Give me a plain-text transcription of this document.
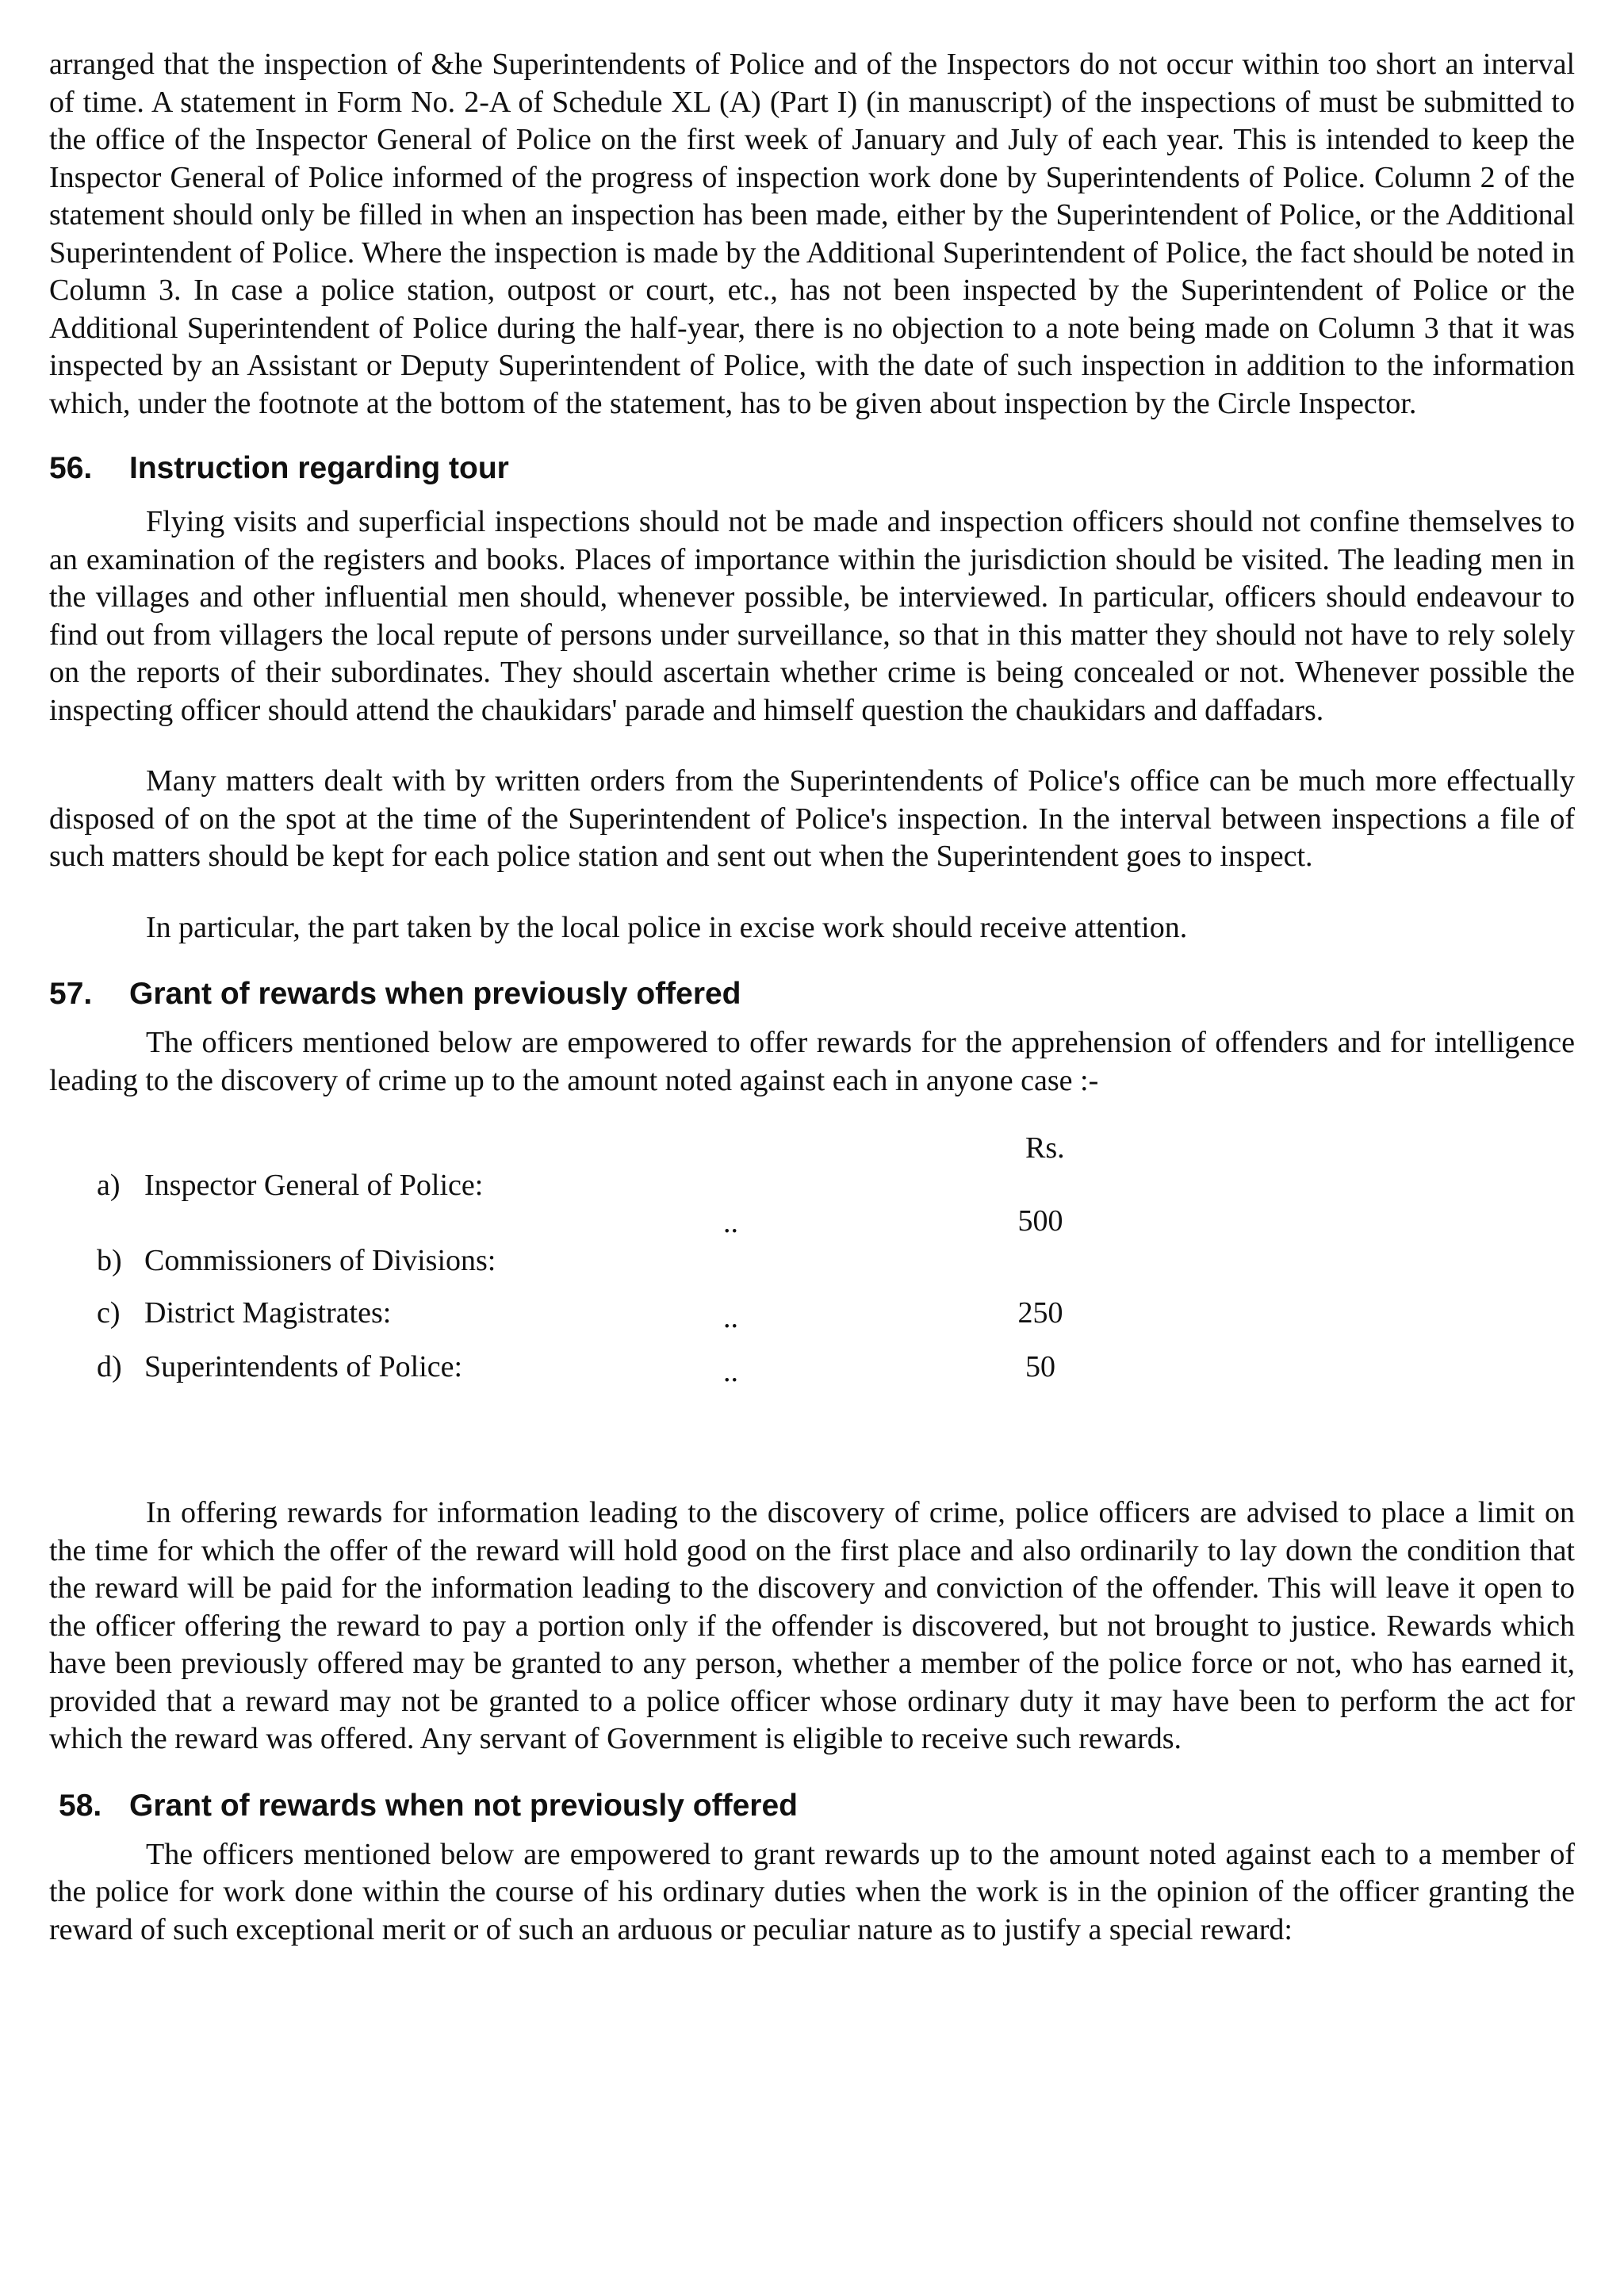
arranged that the inspection of &he Superintendents of Police and of the Inspectors do not occur within too short an interval of time. A statement in Form No. 2-A of Schedule XL (A) (Part I) (in manuscript) of the inspections of must be submitted to the office of the Inspector General of Police on the first week of January and July of each year. This is intended to keep the Inspector General of Police informed of the progress of inspection work done by Superintendents of Police. Column 2 of the statement should only be filled in when an inspection has been made, either by the Superintendent of Police, or the Additional Superintendent of Police. Where the inspection is made by the Additional Superintendent of Police, the fact should be noted in Column 3. In case a police station, outpost or court, etc., has not been inspected by the Superintendent of Police or the Additional Superintendent of Police during the half-year, there is no objection to a note being made on Column 3 that it was inspected by an Assistant or Deputy Superintendent of Police, with the date of such inspection in addition to the information which, under the footnote at the bottom of the statement, has to be given about inspection by the Circle Inspector.

56.	Instruction regarding tour

Flying visits and superficial inspections should not be made and inspection officers should not confine themselves to an examination of the registers and books. Places of importance within the jurisdiction should be visited. The leading men in the villages and other influential men should, whenever possible, be interviewed. In particular, officers should endeavour to find out from villagers the local repute of persons under surveillance, so that in this matter they should not have to rely solely on the reports of their subordinates. They should ascertain whether crime is being concealed or not. Whenever possible the inspecting officer should attend the chaukidars' parade and himself question the chaukidars and daffadars.

Many matters dealt with by written orders from the Superintendents of Police's office can be much more effectually disposed of on the spot at the time of the Superintendent of Police's inspection. In the interval between inspections a file of such matters should be kept for each police station and sent out when the Superintendent goes to inspect.

In particular, the part taken by the local police in excise work should receive attention.

57.	Grant of rewards when previously offered

The officers mentioned below are empowered to offer rewards for the apprehension of offenders and for intelligence leading to the discovery of crime up to the amount noted against each in anyone case :-

Rs.
a) Inspector General of Police:
b) Commissioners of Divisions:
c) District Magistrates:
d) Superintendents of Police:
..
..
..
500
250
50

In offering rewards for information leading to the discovery of crime, police officers are advised to place a limit on the time for which the offer of the reward will hold good on the first place and also ordinarily to lay down the condition that the reward will be paid for the information leading to the discovery and conviction of the offender. This will leave it open to the officer offering the reward to pay a portion only if the offender is discovered, but not brought to justice. Rewards which have been previously offered may be granted to any person, whether a member of the police force or not, who has earned it, provided that a reward may not be granted to a police officer whose ordinary duty it may have been to perform the act for which the reward was offered. Any servant of Government is eligible to receive such rewards.

58. Grant of rewards when not previously offered

The officers mentioned below are empowered to grant rewards up to the amount noted against each to a member of the police for work done within the course of his ordinary duties when the work is in the opinion of the officer granting the reward of such exceptional merit or of such an arduous or peculiar nature as to justify a special reward:
